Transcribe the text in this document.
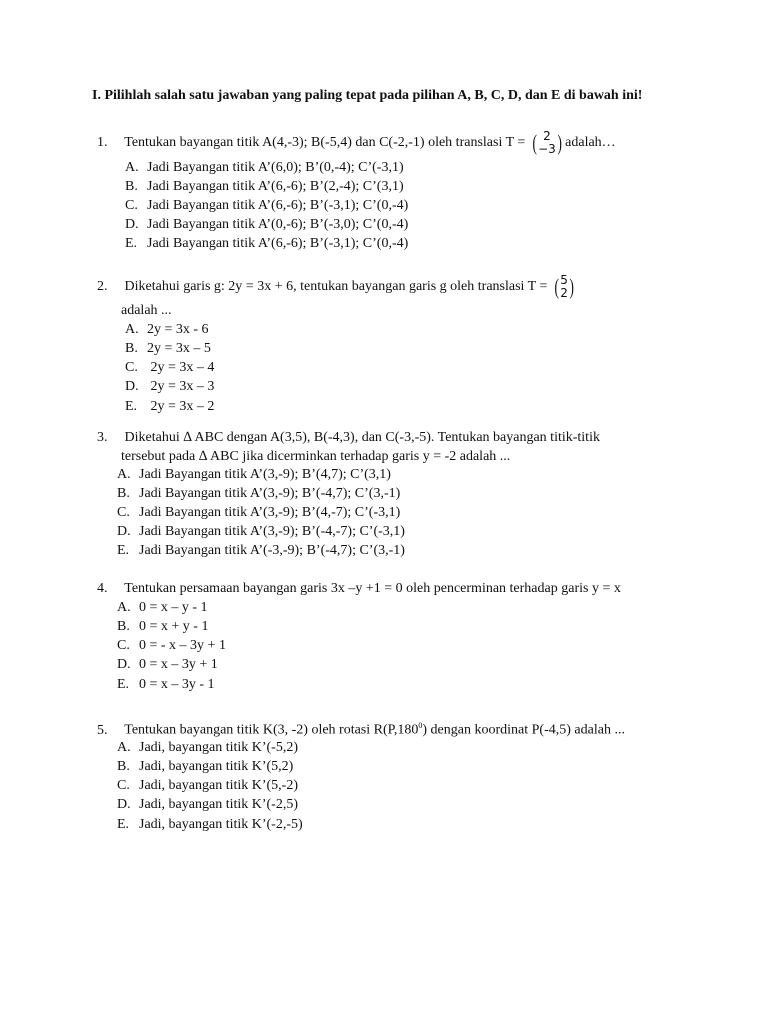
I. Pilihlah salah satu jawaban yang paling tepat pada pilihan A, B, C, D, dan E di bawah ini!
1. Tentukan bayangan titik A(4,-3); B(-5,4) dan C(-2,-1) oleh translasi T = ( 2
−3 ) adalah…
A. Jadi Bayangan titik A’(6,0); B’(0,-4); C’(-3,1)
B. Jadi Bayangan titik A’(6,-6); B’(2,-4); C’(3,1)
C. Jadi Bayangan titik A’(6,-6); B’(-3,1); C’(0,-4)
D. Jadi Bayangan titik A’(0,-6); B’(-3,0); C’(0,-4)
E. Jadi Bayangan titik A’(6,-6); B’(-3,1); C’(0,-4)
2. Diketahui garis g: 2y = 3x + 6, tentukan bayangan garis g oleh translasi T = ( 5
2 )
adalah ...
A. 2y = 3x - 6
B. 2y = 3x – 5
C. 2y = 3x – 4
D. 2y = 3x – 3
E. 2y = 3x – 2
3. Diketahui ∆ ABC dengan A(3,5), B(-4,3), dan C(-3,-5). Tentukan bayangan titik-titik
tersebut pada ∆ ABC jika dicerminkan terhadap garis y = -2 adalah ...
A. Jadi Bayangan titik A’(3,-9); B’(4,7); C’(3,1)
B. Jadi Bayangan titik A’(3,-9); B’(-4,7); C’(3,-1)
C. Jadi Bayangan titik A’(3,-9); B’(4,-7); C’(-3,1)
D. Jadi Bayangan titik A’(3,-9); B’(-4,-7); C’(-3,1)
E. Jadi Bayangan titik A’(-3,-9); B’(-4,7); C’(3,-1)
4. Tentukan persamaan bayangan garis 3x –y +1 = 0 oleh pencerminan terhadap garis y = x
A. 0 = x – y - 1
B. 0 = x + y - 1
C. 0 = - x – 3y + 1
D. 0 = x – 3y + 1
E. 0 = x – 3y - 1
5. Tentukan bayangan titik K(3, -2) oleh rotasi R(P,180$^0$) dengan koordinat P(-4,5) adalah ...
A. Jadi, bayangan titik K’(-5,2)
B. Jadi, bayangan titik K’(5,2)
C. Jadi, bayangan titik K’(5,-2)
D. Jadi, bayangan titik K’(-2,5)
E. Jadi, bayangan titik K’(-2,-5)
